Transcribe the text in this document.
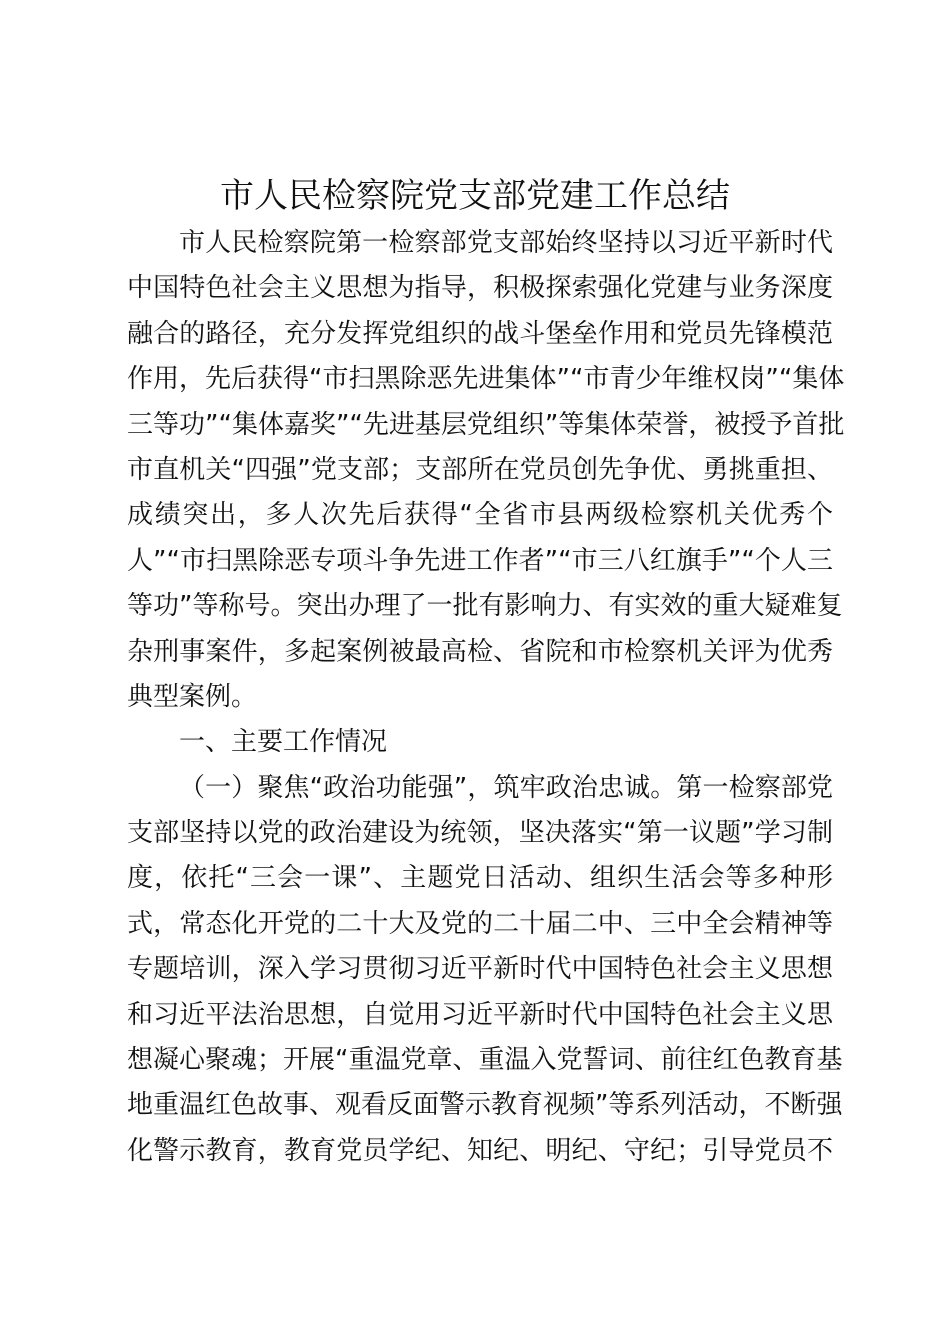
市人民检察院党支部党建工作总结
市人民检察院第一检察部党支部始终坚持以习近平新时代
中国特色社会主义思想为指导，积极探索强化党建与业务深度
融合的路径，充分发挥党组织的战斗堡垒作用和党员先锋模范
作用，先后获得“市扫黑除恶先进集体”“市青少年维权岗”“集体
三等功”“集体嘉奖”“先进基层党组织”等集体荣誉，被授予首批
市直机关“四强”党支部；支部所在党员创先争优、勇挑重担、
成绩突出，多人次先后获得“全省市县两级检察机关优秀个
人”“市扫黑除恶专项斗争先进工作者”“市三八红旗手”“个人三
等功”等称号。突出办理了一批有影响力、有实效的重大疑难复
杂刑事案件，多起案例被最高检、省院和市检察机关评为优秀
典型案例。
一、主要工作情况
（一）聚焦“政治功能强”，筑牢政治忠诚。第一检察部党
支部坚持以党的政治建设为统领，坚决落实“第一议题”学习制
度，依托“三会一课”、主题党日活动、组织生活会等多种形
式，常态化开党的二十大及党的二十届二中、三中全会精神等
专题培训，深入学习贯彻习近平新时代中国特色社会主义思想
和习近平法治思想，自觉用习近平新时代中国特色社会主义思
想凝心聚魂；开展“重温党章、重温入党誓词、前往红色教育基
地重温红色故事、观看反面警示教育视频”等系列活动，不断强
化警示教育，教育党员学纪、知纪、明纪、守纪；引导党员不
